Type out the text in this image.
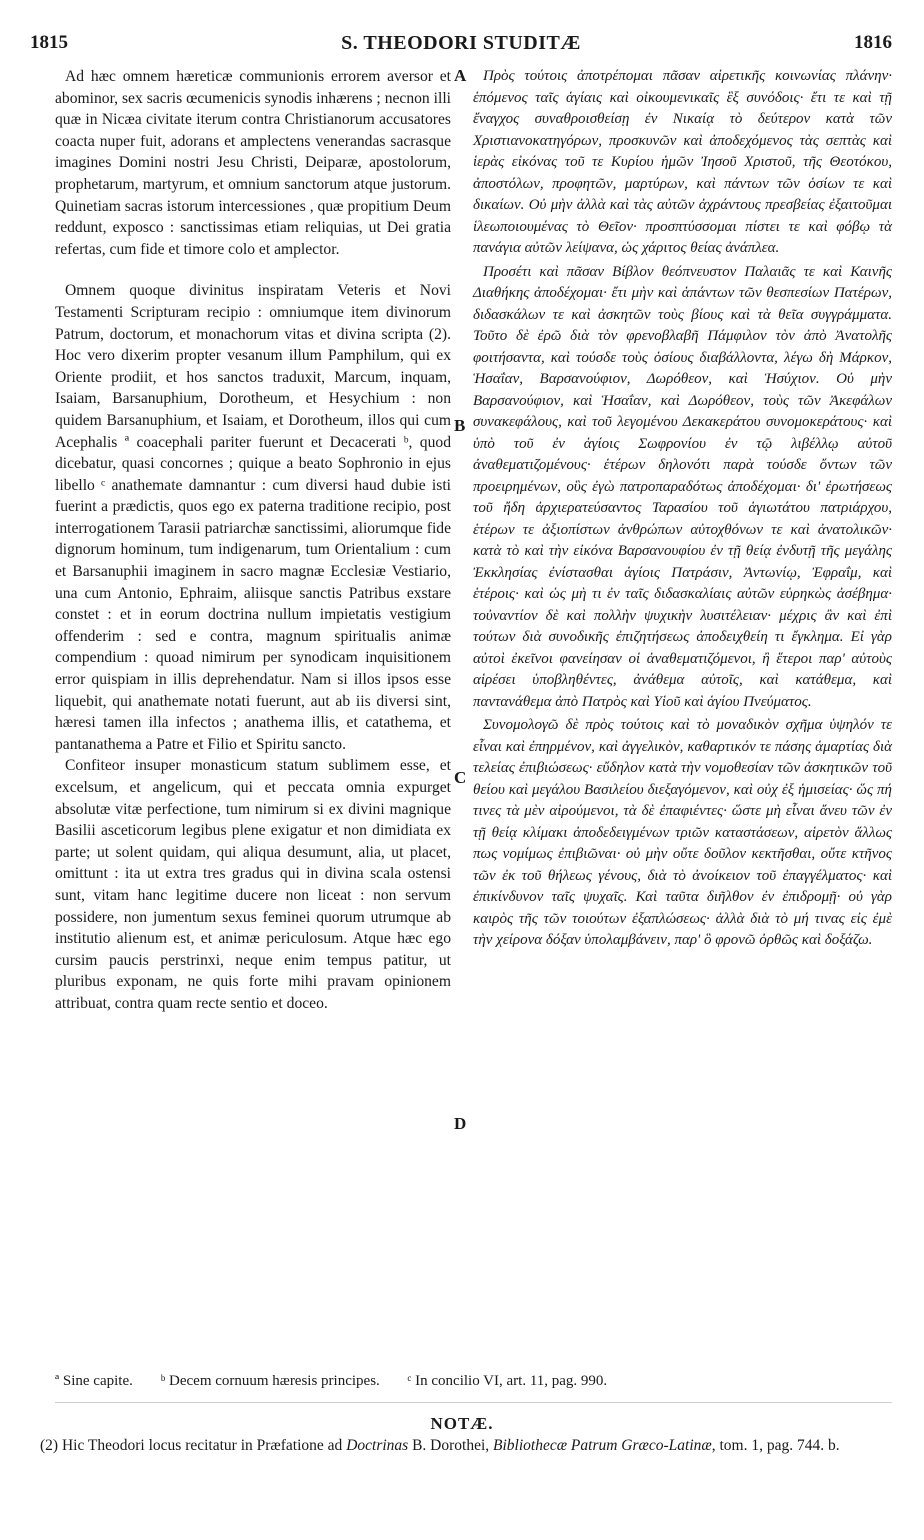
1815	S. THEODORI STUDITÆ	1816

Ad hæc omnem hæreticæ communionis errorem aversor et abominor, sex sacris œcumenicis synodis inhærens ; necnon illi quæ in Nicæa civitate iterum contra Christianorum accusatores coacta nuper fuit, adorans et amplectens venerandas sacrasque imagines Domini nostri Jesu Christi, Deiparæ, apostolorum, prophetarum, martyrum, et omnium sanctorum atque justorum. Quinetiam sacras istorum intercessiones , quæ propitium Deum reddunt, exposco : sanctissimas etiam reliquias, ut Dei gratia refertas, cum fide et timore colo et amplector.

Omnem quoque divinitus inspiratam Veteris et Novi Testamenti Scripturam recipio : omniumque item divinorum Patrum, doctorum, et monachorum vitas et divina scripta (2). Hoc vero dixerim propter vesanum illum Pamphilum, qui ex Oriente prodiit, et hos sanctos traduxit, Marcum, inquam, Isaiam, Barsanuphium, Dorotheum, et Hesychium : non quidem Barsanuphium, et Isaiam, et Dorotheum, illos qui cum Acephalis ª coacephali pariter fuerunt et Decacerati ᵇ, quod dicebatur, quasi concornes ; quique a beato Sophronio in ejus libello ᶜ anathemate damnantur : cum diversi haud dubie isti fuerint a prædictis, quos ego ex paterna traditione recipio, post interrogationem Tarasii patriarchæ sanctissimi, aliorumque fide dignorum hominum, tum indigenarum, tum Orientalium : cum et Barsanuphii imaginem in sacro magnæ Ecclesiæ Vestiario, una cum Antonio, Ephraim, aliisque sanctis Patribus exstare constet : et in eorum doctrina nullum impietatis vestigium offenderim : sed e contra, magnum spiritualis animæ compendium : quoad nimirum per synodicam inquisitionem error quispiam in illis deprehendatur. Nam si illos ipsos esse liquebit, qui anathemate notati fuerunt, aut ab iis diversi sint, hæresi tamen illa infectos ; anathema illis, et catathema, et pantanathema a Patre et Filio et Spiritu sancto.

Confiteor insuper monasticum statum sublimem esse, et excelsum, et angelicum, qui et peccata omnia expurget absolutæ vitæ perfectione, tum nimirum si ex divini magnique Basilii asceticorum legibus plene exigatur et non dimidiata ex parte; ut solent quidam, qui aliqua desumunt, alia, ut placet, omittunt : ita ut extra tres gradus qui in divina scala ostensi sunt, vitam hanc legitime ducere non liceat : non servum possidere, non jumentum sexus feminei quorum utrumque ab institutio alienum est, et animæ periculosum. Atque hæc ego cursim paucis perstrinxi, neque enim tempus patitur, ut pluribus exponam, ne quis forte mihi pravam opinionem attribuat, contra quam recte sentio et doceo.

A
B
C
D

Πρὸς τούτοις ἀποτρέπομαι πᾶσαν αἱρετικῆς κοινωνίας πλάνην· ἑπόμενος ταῖς ἁγίαις καὶ οἰκουμενικαῖς ἓξ συνόδοις· ἔτι τε καὶ τῇ ἔναγχος συναθροισθείσῃ ἐν Νικαίᾳ τὸ δεύτερον κατὰ τῶν Χριστιανοκατηγόρων, προσκυνῶν καὶ ἀποδεχόμενος τὰς σεπτὰς καὶ ἱερὰς εἰκόνας τοῦ τε Κυρίου ἡμῶν Ἰησοῦ Χριστοῦ, τῆς Θεοτόκου, ἀποστόλων, προφητῶν, μαρτύρων, καὶ πάντων τῶν ὁσίων τε καὶ δικαίων. Οὐ μὴν ἀλλὰ καὶ τὰς αὐτῶν ἀχράντους πρεσβείας ἐξαιτοῦμαι ἱλεωποιουμένας τὸ Θεῖον· προσπτύσσομαι πίστει τε καὶ φόβῳ τὰ πανάγια αὐτῶν λείψανα, ὡς χάριτος θείας ἀνάπλεα.

Προσέτι καὶ πᾶσαν Βίβλον θεόπνευστον Παλαιᾶς τε καὶ Καινῆς Διαθήκης ἀποδέχομαι· ἔτι μὴν καὶ ἁπάντων τῶν θεσπεσίων Πατέρων, διδασκάλων τε καὶ ἀσκητῶν τοὺς βίους καὶ τὰ θεῖα συγγράμματα. Τοῦτο δὲ ἐρῶ διὰ τὸν φρενοβλαβῆ Πάμφιλον τὸν ἀπὸ Ἀνατολῆς φοιτήσαντα, καὶ τούσδε τοὺς ὁσίους διαβάλλοντα, λέγω δὴ Μάρκον, Ἡσαΐαν, Βαρσανούφιον, Δωρόθεον, καὶ Ἡσύχιον. Οὐ μὴν Βαρσανούφιον, καὶ Ἡσαΐαν, καὶ Δωρόθεον, τοὺς τῶν Ἀκεφάλων συνακεφάλους, καὶ τοῦ λεγομένου Δεκακεράτου συνομοκεράτους· καὶ ὑπὸ τοῦ ἐν ἁγίοις Σωφρονίου ἐν τῷ λιβέλλῳ αὐτοῦ ἀναθεματιζομένους· ἑτέρων δηλονότι παρὰ τούσδε ὄντων τῶν προειρημένων, οὓς ἐγὼ πατροπαραδότως ἀποδέχομαι· δι' ἐρωτήσεως τοῦ ἤδη ἀρχιερατεύσαντος Ταρασίου τοῦ ἁγιωτάτου πατριάρχου, ἑτέρων τε ἀξιοπίστων ἀνθρώπων αὐτοχθόνων τε καὶ ἀνατολικῶν· κατὰ τὸ καὶ τὴν εἰκόνα Βαρσανουφίου ἐν τῇ θείᾳ ἐνδυτῇ τῆς μεγάλης Ἐκκλησίας ἐνίστασθαι ἁγίοις Πατράσιν, Ἀντωνίῳ, Ἐφραΐμ, καὶ ἑτέροις· καὶ ὡς μὴ τι ἐν ταῖς διδασκαλίαις αὐτῶν εὑρηκὼς ἀσέβημα· τοὐναντίον δὲ καὶ πολλὴν ψυχικὴν λυσιτέλειαν· μέχρις ἂν καὶ ἐπὶ τούτων διὰ συνοδικῆς ἐπιζητήσεως ἀποδειχθείη τι ἔγκλημα. Εἰ γὰρ αὐτοὶ ἐκεῖνοι φανείησαν οἱ ἀναθεματιζόμενοι, ἢ ἕτεροι παρ' αὐτοὺς αἱρέσει ὑποβληθέντες, ἀνάθεμα αὐτοῖς, καὶ κατάθεμα, καὶ παντανάθεμα ἀπὸ Πατρὸς καὶ Υἱοῦ καὶ ἁγίου Πνεύματος.

Συνομολογῶ δὲ πρὸς τούτοις καὶ τὸ μοναδικὸν σχῆμα ὑψηλόν τε εἶναι καὶ ἐπηρμένον, καὶ ἀγγελικὸν, καθαρτικόν τε πάσης ἁμαρτίας διὰ τελείας ἐπιβιώσεως· εὔδηλον κατὰ τὴν νομοθεσίαν τῶν ἀσκητικῶν τοῦ θείου καὶ μεγάλου Βασιλείου διεξαγόμενον, καὶ οὐχ ἐξ ἡμισείας· ὥς πή τινες τὰ μὲν αἱρούμενοι, τὰ δὲ ἐπαφιέντες· ὥστε μὴ εἶναι ἄνευ τῶν ἐν τῇ θείᾳ κλίμακι ἀποδεδειγμένων τριῶν καταστάσεων, αἱρετὸν ἄλλως πως νομίμως ἐπιβιῶναι· οὐ μὴν οὔτε δοῦλον κεκτῆσθαι, οὔτε κτῆνος τῶν ἐκ τοῦ θήλεως γένους, διὰ τὸ ἀνοίκειον τοῦ ἐπαγγέλματος· καὶ ἐπικίνδυνον ταῖς ψυχαῖς. Καὶ ταῦτα διῆλθον ἐν ἐπιδρομῇ· οὐ γὰρ καιρὸς τῆς τῶν τοιούτων ἐξαπλώσεως· ἀλλὰ διὰ τὸ μή τινας εἰς ἐμὲ τὴν χείρονα δόξαν ὑπολαμβάνειν, παρ' ὃ φρονῶ ὀρθῶς καὶ δοξάζω.

ª Sine capite. ᵇ Decem cornuum hæresis principes. ᶜ In concilio VI, art. 11, pag. 990.
NOTÆ.
(2) Hic Theodori locus recitatur in Præfatione ad Doctrinas B. Dorothei, Bibliothecæ Patrum Græco-Latinæ, tom. 1, pag. 744. b.
